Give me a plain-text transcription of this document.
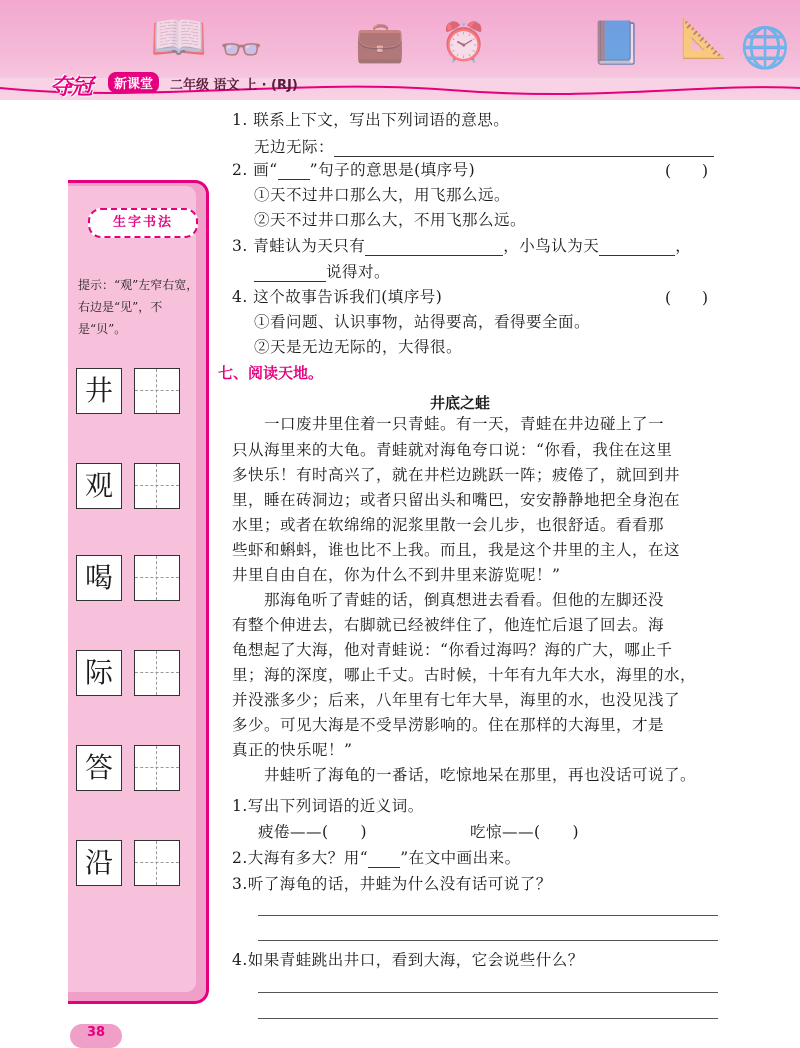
📖 👓 💼 ⏰ 📘 📐 🌐
夺冠	新课堂	二年级 语文 上 · (RJ)
生字书法
提示：“观”左窄右宽，右边是“见”，不是“贝”。
井
观
喝
际
答
沿
1. 联系上下文，写出下列词语的意思。
无边无际：
2. 画“ ”句子的意思是(填序号)	(　　)
①天不过井口那么大，用飞那么远。
②天不过井口那么大，不用飞那么远。
3. 青蛙认为天只有	，小鸟认为天	，
说得对。
4. 这个故事告诉我们(填序号)	(　　)
①看问题、认识事物，站得要高，看得要全面。
②天是无边无际的，大得很。
七、阅读天地。
井底之蛙
　　一口废井里住着一只青蛙。有一天，青蛙在井边碰上了一
只从海里来的大龟。青蛙就对海龟夸口说：“你看，我住在这里
多快乐！有时高兴了，就在井栏边跳跃一阵；疲倦了，就回到井
里，睡在砖洞边；或者只留出头和嘴巴，安安静静地把全身泡在
水里；或者在软绵绵的泥浆里散一会儿步，也很舒适。看看那
些虾和蝌蚪，谁也比不上我。而且，我是这个井里的主人，在这
井里自由自在，你为什么不到井里来游览呢！”
　　那海龟听了青蛙的话，倒真想进去看看。但他的左脚还没
有整个伸进去，右脚就已经被绊住了，他连忙后退了回去。海
龟想起了大海，他对青蛙说：“你看过海吗？海的广大，哪止千
里；海的深度，哪止千丈。古时候，十年有九年大水，海里的水，
并没涨多少；后来，八年里有七年大旱，海里的水，也没见浅了
多少。可见大海是不受旱涝影响的。住在那样的大海里，才是
真正的快乐呢！”
　　井蛙听了海龟的一番话，吃惊地呆在那里，再也没话可说了。
1.写出下列词语的近义词。
疲倦——(　　)	吃惊——(　　)
2.大海有多大？用“ ”在文中画出来。
3.听了海龟的话，井蛙为什么没有话可说了？
4.如果青蛙跳出井口，看到大海，它会说些什么？
38
